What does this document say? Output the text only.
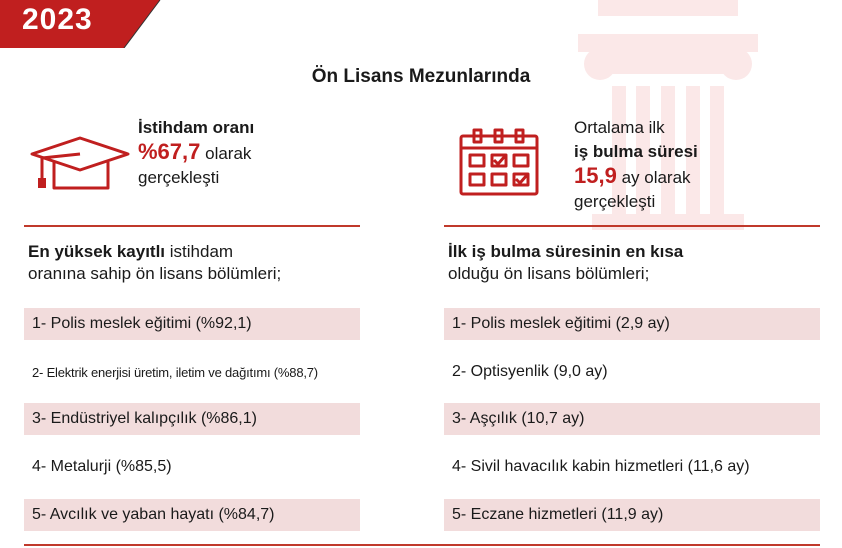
2023
Ön Lisans Mezunlarında
İstihdam oranı
%67,7 olarak
gerçekleşti
Ortalama ilk
iş bulma süresi
15,9 ay olarak
gerçekleşti
En yüksek kayıtlı istihdam
oranına sahip ön lisans bölümleri;
1- Polis meslek eğitimi (%92,1)
2- Elektrik enerjisi üretim, iletim ve dağıtımı (%88,7)
3- Endüstriyel kalıpçılık (%86,1)
4- Metalurji (%85,5)
5- Avcılık ve yaban hayatı (%84,7)
İlk iş bulma süresinin en kısa
olduğu ön lisans bölümleri;
1- Polis meslek eğitimi (2,9 ay)
2- Optisyenlik (9,0 ay)
3- Aşçılık (10,7 ay)
4- Sivil havacılık kabin hizmetleri (11,6 ay)
5- Eczane hizmetleri (11,9 ay)
